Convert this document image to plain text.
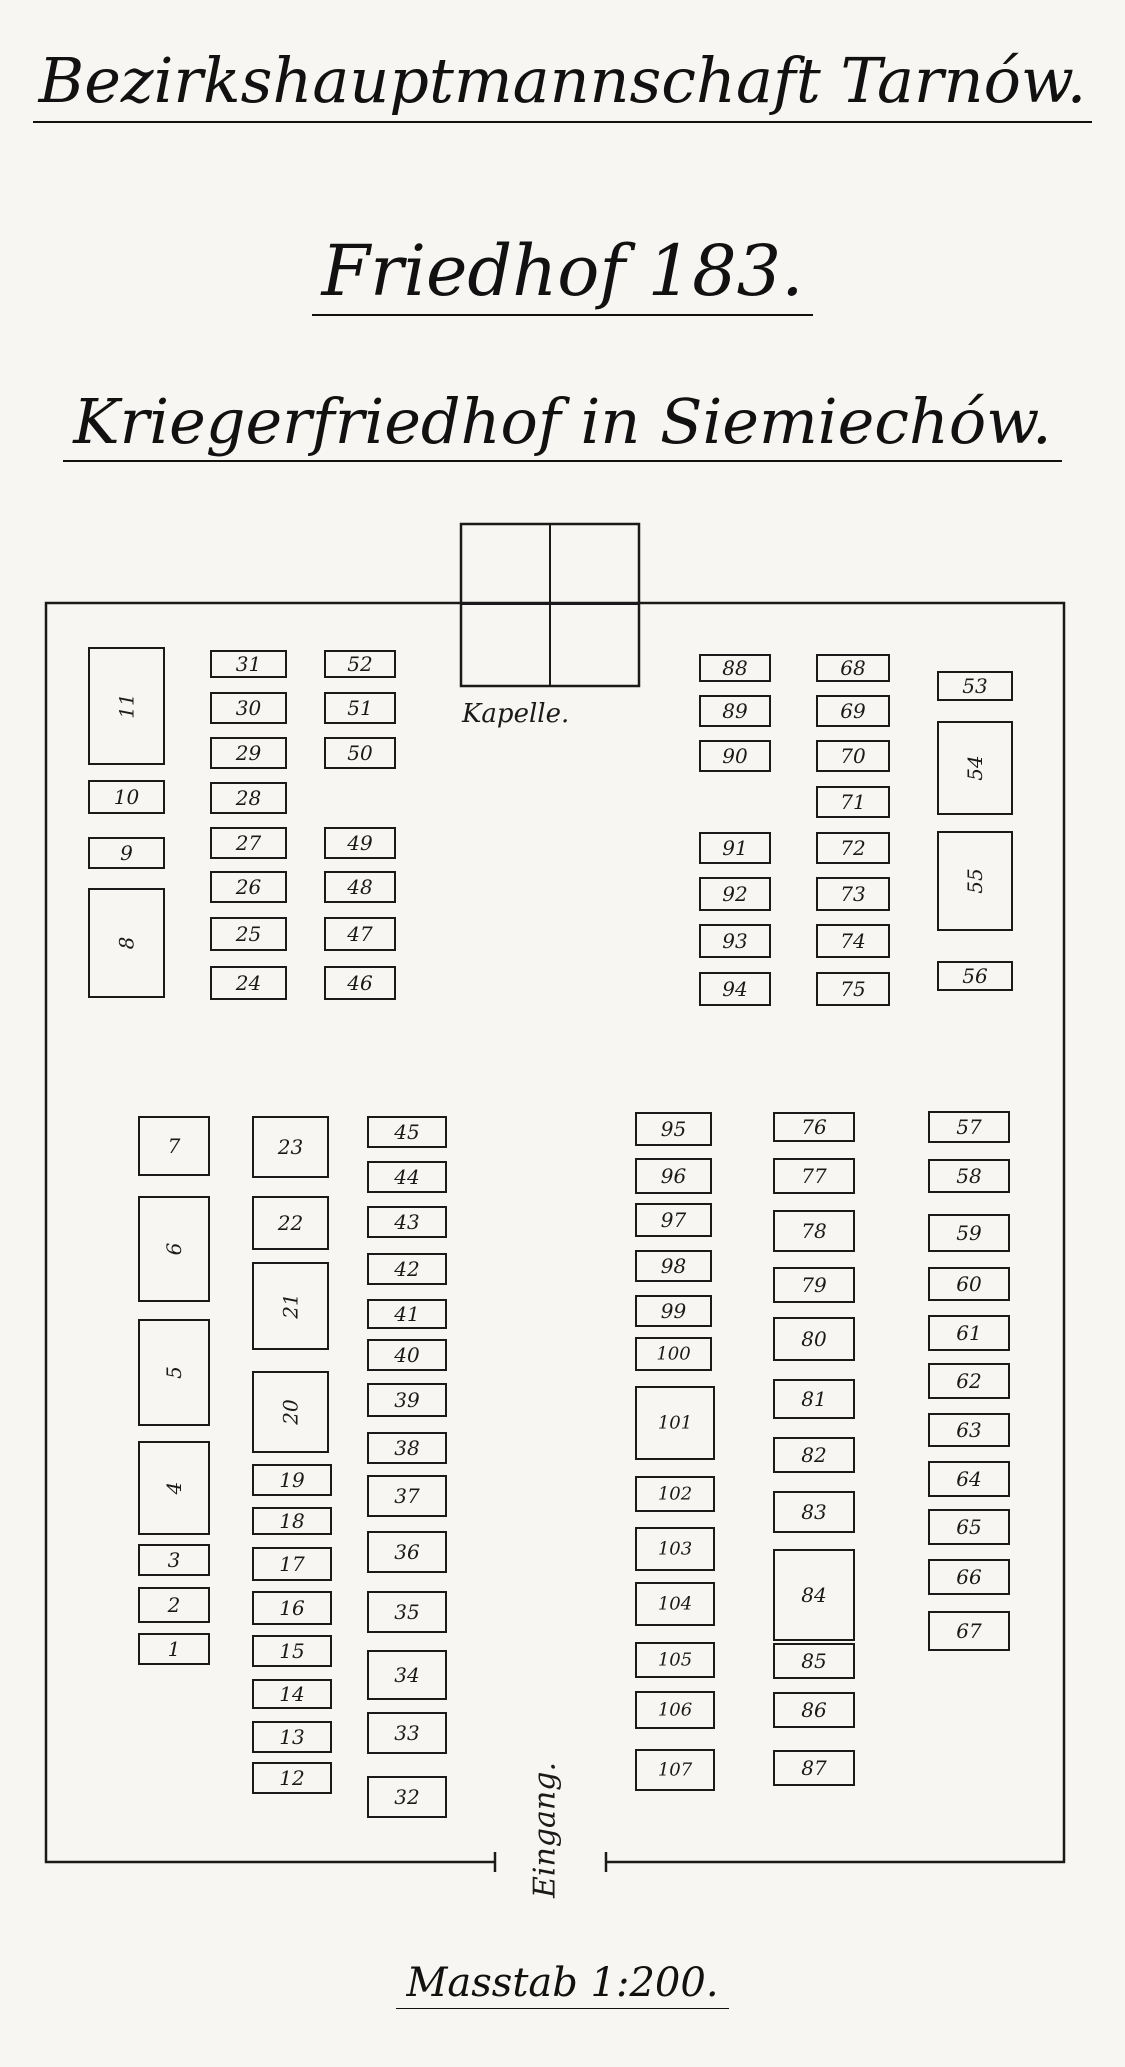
Bezirkshauptmannschaft Tarnów.
Friedhof 183.
Kriegerfriedhof in Siemiechów.
Kapelle.
Eingang.
1
2
3
4
5
6
7
8
9
10
11
12
13
14
15
16
17
18
19
20
21
22
23
24
25
26
27
28
29
30
31
32
33
34
35
36
37
38
39
40
41
42
43
44
45
46
47
48
49
50
51
52
53
54
55
56
57
58
59
60
61
62
63
64
65
66
67
68
69
70
71
72
73
74
75
76
77
78
79
80
81
82
83
84
85
86
87
88
89
90
91
92
93
94
95
96
97
98
99
100
101
102
103
104
105
106
107
Masstab 1:200.
